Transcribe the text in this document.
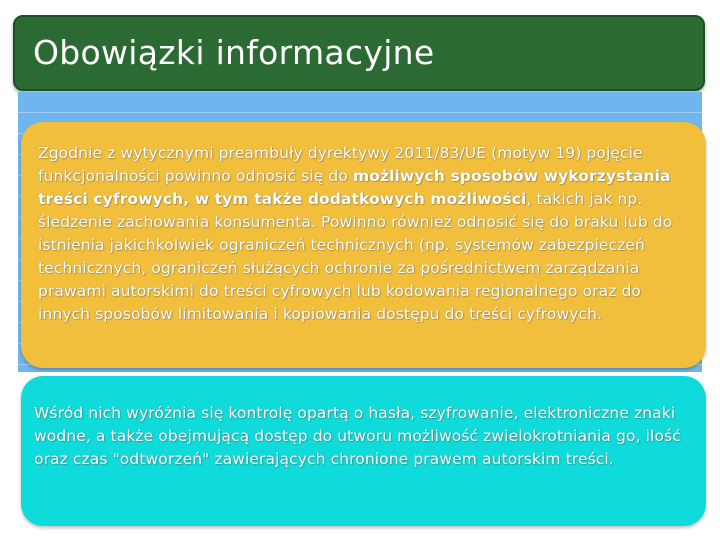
Obowiązki informacyjne
Zgodnie z wytycznymi preambuły dyrektywy 2011/83/UE (motyw 19) pojęcie funkcjonalności powinno odnosić się do możliwych sposobów wykorzystania treści cyfrowych, w tym także dodatkowych możliwości, takich jak np. śledzenie zachowania konsumenta. Powinno również odnosić się do braku lub do istnienia jakichkolwiek ograniczeń technicznych (np. systemów zabezpieczeń technicznych, ograniczeń służących ochronie za pośrednictwem zarządzania prawami autorskimi do treści cyfrowych lub kodowania regionalnego oraz do innych sposobów limitowania i kopiowania dostępu do treści cyfrowych.
Wśród nich wyróżnia się kontrolę opartą o hasła, szyfrowanie, elektroniczne znaki wodne, a także obejmującą dostęp do utworu możliwość zwielokrotniania go, ilość oraz czas "odtworzeń" zawierających chronione prawem autorskim treści.
